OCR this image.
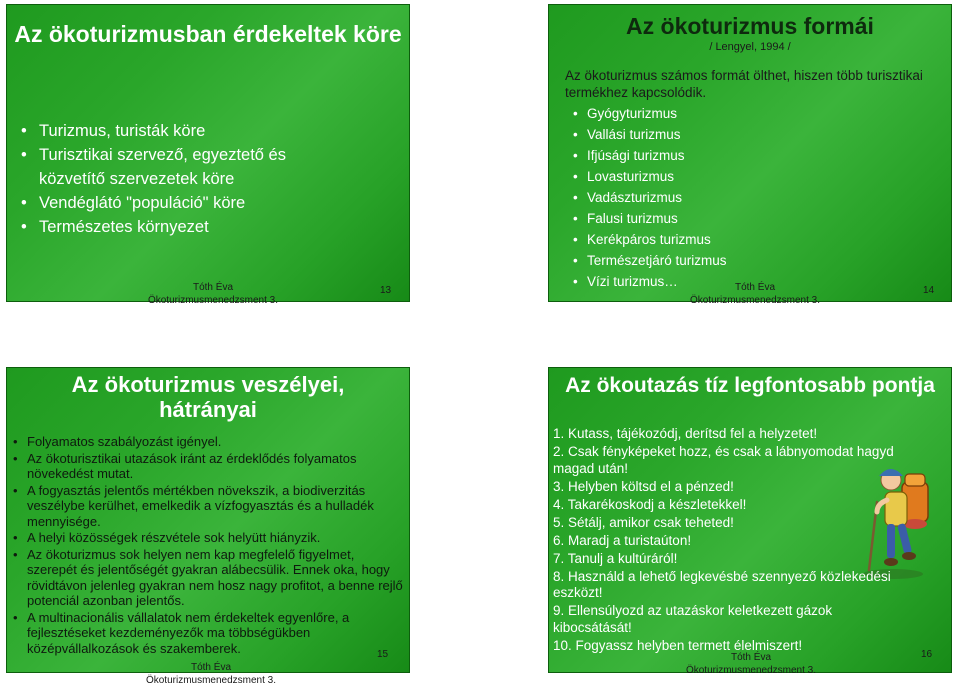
Az ökoturizmusban érdekeltek köre
• Turizmus, turisták köre
• Turisztikai szervező, egyeztető és közvetítő szervezetek köre
• Vendéglátó "populáció" köre
• Természetes környezet
Tóth Éva
Ökoturizmusmenedzsment 3.
13
Az ökoturizmus formái
/ Lengyel, 1994 /
Az ökoturizmus számos formát ölthet, hiszen több turisztikai termékhez kapcsolódik.
• Gyógyturizmus
• Vallási turizmus
• Ifjúsági turizmus
• Lovasturizmus
• Vadászturizmus
• Falusi turizmus
• Kerékpáros turizmus
• Természetjáró turizmus
• Vízi turizmus…	Tóth Éva
Ökoturizmusmenedzsment 3.
14
Az ökoturizmus veszélyei, hátrányai
• Folyamatos szabályozást igényel.
• Az ökoturisztikai utazások iránt az érdeklődés folyamatos növekedést mutat.
• A fogyasztás jelentős mértékben növekszik, a biodiverzitás veszélybe kerülhet, emelkedik a vízfogyasztás és a hulladék mennyisége.
• A helyi közösségek részvétele sok helyütt hiányzik.
• Az ökoturizmus sok helyen nem kap megfelelő figyelmet, szerepét és jelentőségét gyakran alábecsülik. Ennek oka, hogy rövidtávon jelenleg gyakran nem hosz nagy profitot, a benne rejlő potenciál azonban jelentős.
• A multinacionális vállalatok nem érdekeltek egyenlőre, a fejlesztéseket kezdeményezők ma többségükben középvállalkozások és szakemberek.	15
Tóth Éva Ökoturizmusmenedzsment 3.
Az ökoutazás tíz legfontosabb pontja
1. Kutass, tájékozódj, derítsd fel a helyzetet!
2. Csak fényképeket hozz, és csak a lábnyomodat hagyd magad után!
3. Helyben költsd el a pénzed!
4. Takarékoskodj a készletekkel!
5. Sétálj, amikor csak teheted!
6. Maradj a turistaúton!
7. Tanulj a kultúráról!
8. Használd a lehető legkevésbé szennyező közlekedési eszközt!
9. Ellensúlyozd az utazáskor keletkezett gázok kibocsátását!
10. Fogyassz helyben termett élelmiszert!
Tóth Éva
Ökoturizmusmenedzsment 3.
16
